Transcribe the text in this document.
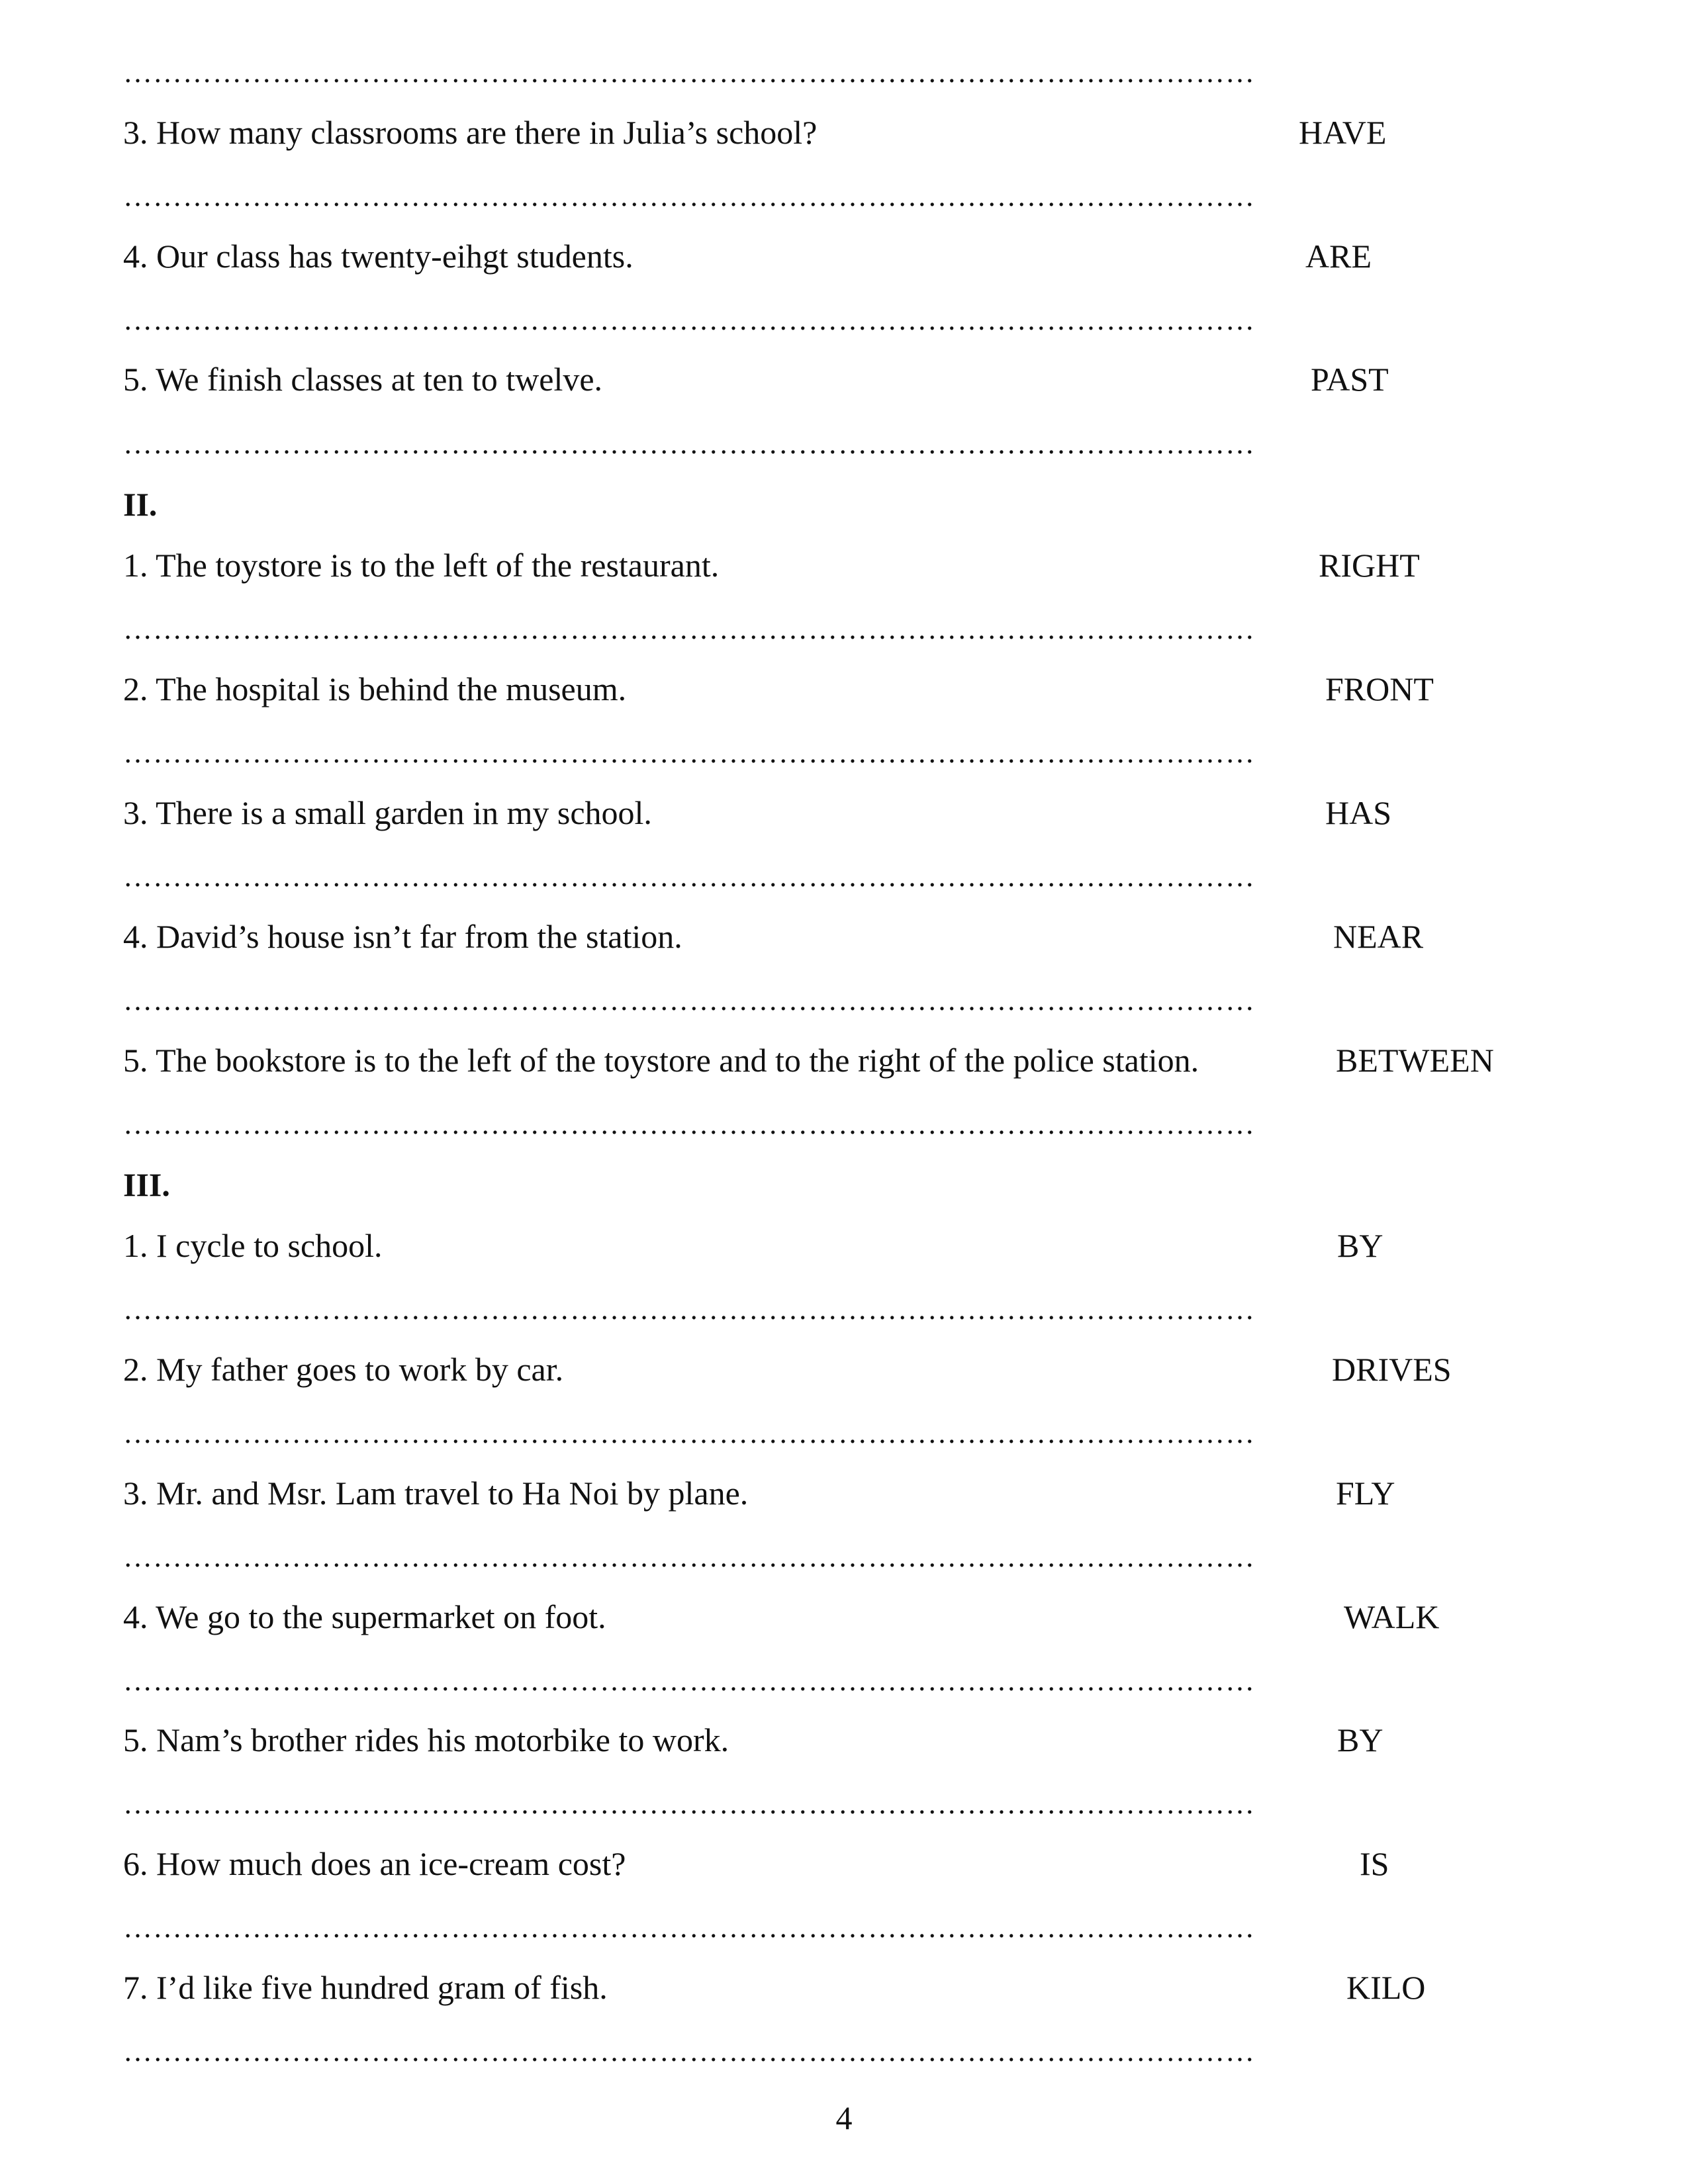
……………………………………………………………………………………………………
3. How many classrooms are there in Julia’s school?	HAVE
……………………………………………………………………………………………………
4. Our class has twenty-eihgt students.	ARE
……………………………………………………………………………………………………
5. We finish classes at ten to twelve.	PAST
……………………………………………………………………………………………………
II.
1. The toystore is to the left of the restaurant.	RIGHT
……………………………………………………………………………………………………
2. The hospital is behind the museum.	FRONT
……………………………………………………………………………………………………
3. There is a small garden in my school.	HAS
……………………………………………………………………………………………………
4. David’s house isn’t far from the station.	NEAR
……………………………………………………………………………………………………
5. The bookstore is to the left of the toystore and to the right of the police station.	BETWEEN
……………………………………………………………………………………………………
III.
1. I cycle to school.	BY
……………………………………………………………………………………………………
2. My father goes to work by car.	DRIVES
……………………………………………………………………………………………………
3. Mr. and Msr. Lam travel to Ha Noi by plane.	FLY
……………………………………………………………………………………………………
4. We go to the supermarket on foot.	WALK
……………………………………………………………………………………………………
5. Nam’s brother rides his motorbike to work.	BY
……………………………………………………………………………………………………
6. How much does an ice-cream cost?	IS
……………………………………………………………………………………………………
7. I’d like five hundred gram of fish.	KILO
……………………………………………………………………………………………………
4
